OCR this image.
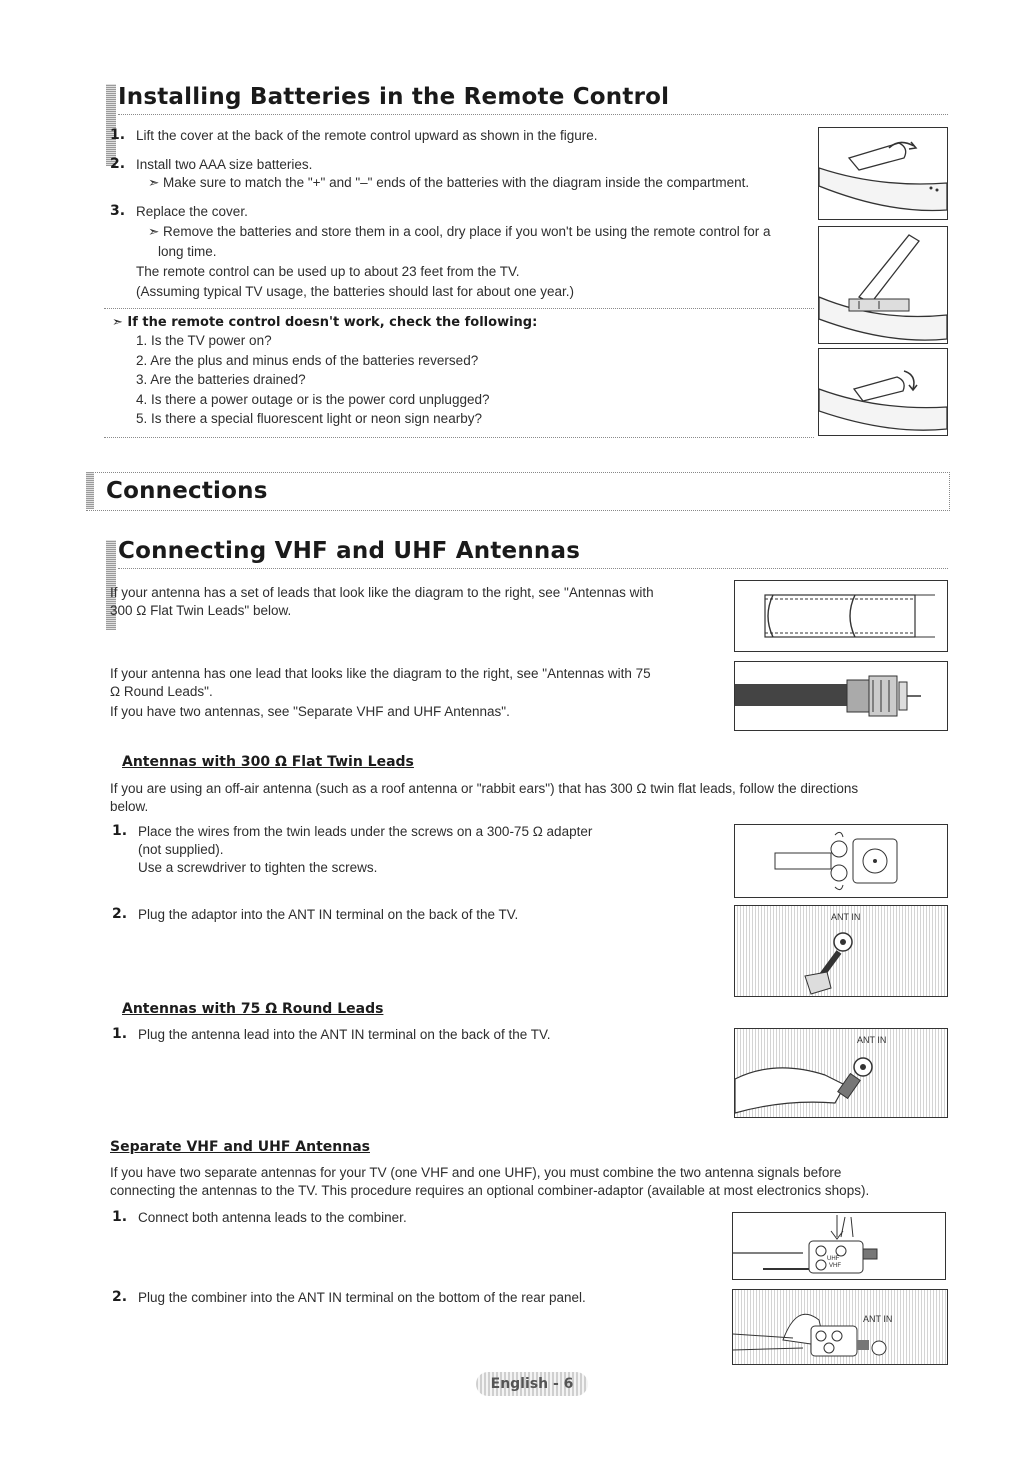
Installing Batteries in the Remote Control
1. Lift the cover at the back of the remote control upward as shown in the figure.
2. Install two AAA size batteries.
➣ Make sure to match the "+" and "–" ends of the batteries with the diagram inside the compartment.
3. Replace the cover.
➣ Remove the batteries and store them in a cool, dry place if you won't be using the remote control for a
long time.
The remote control can be used up to about 23 feet from the TV.
(Assuming typical TV usage, the batteries should last for about one year.)
➣ If the remote control doesn't work, check the following:
1. Is the TV power on?
2. Are the plus and minus ends of the batteries reversed?
3. Are the batteries drained?
4. Is there a power outage or is the power cord unplugged?
5. Is there a special fluorescent light or neon sign nearby?
Connections
Connecting VHF and UHF Antennas
If your antenna has a set of leads that look like the diagram to the right, see "Antennas with
300 Ω Flat Twin Leads" below.
If your antenna has one lead that looks like the diagram to the right, see "Antennas with 75
Ω Round Leads".
If you have two antennas, see "Separate VHF and UHF Antennas".
Antennas with 300 Ω Flat Twin Leads
If you are using an off-air antenna (such as a roof antenna or "rabbit ears") that has 300 Ω twin flat leads, follow the directions
below.
1. Place the wires from the twin leads under the screws on a 300-75 Ω adapter
(not supplied).
Use a screwdriver to tighten the screws.
2. Plug the adaptor into the ANT IN terminal on the back of the TV.	ANT IN
Antennas with 75 Ω Round Leads
1. Plug the antenna lead into the ANT IN terminal on the back of the TV.	ANT IN
Separate VHF and UHF Antennas
If you have two separate antennas for your TV (one VHF and one UHF), you must combine the two antenna signals before
connecting the antennas to the TV. This procedure requires an optional combiner-adaptor (available at most electronics shops).
1. Connect both antenna leads to the combiner.
2. Plug the combiner into the ANT IN terminal on the bottom of the rear panel.
UHF
VHF
ANT IN
English - 6
